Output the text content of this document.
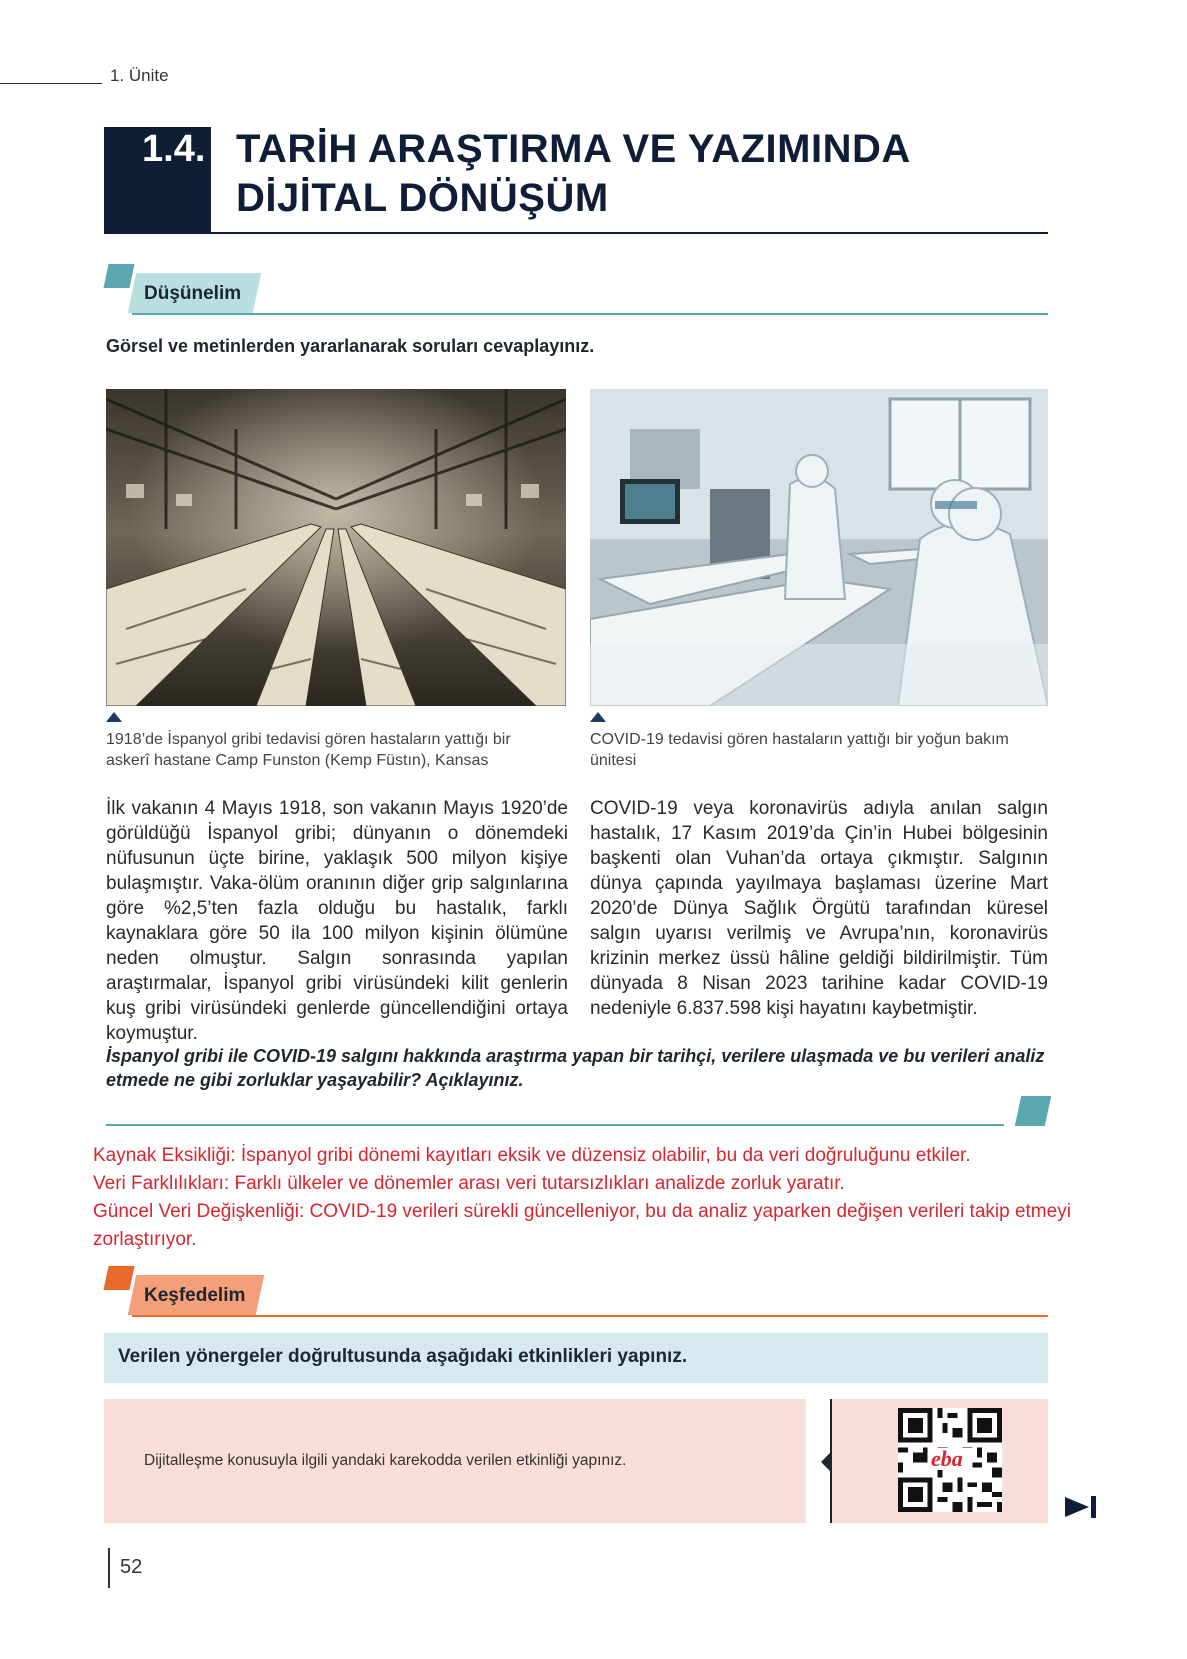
1. Ünite
1.4. TARİH ARAŞTIRMA VE YAZIMINDA
DİJİTAL DÖNÜŞÜM
Düşünelim
Görsel ve metinlerden yararlanarak soruları cevaplayınız.
1918’de İspanyol gribi tedavisi gören hastaların yattığı bir
askerî hastane Camp Funston (Kemp Füstın), Kansas
COVID-19 tedavisi gören hastaların yattığı bir yoğun bakım
ünitesi
İlk vakanın 4 Mayıs 1918, son vakanın Mayıs 1920’de görüldüğü İspanyol gribi; dünyanın o dönemdeki nüfusunun üçte birine, yaklaşık 500 milyon kişiye bulaşmıştır. Vaka-ölüm oranının diğer grip salgınlarına göre %2,5’ten fazla olduğu bu hastalık, farklı kaynaklara göre 50 ila 100 milyon kişinin ölümüne neden olmuştur. Salgın sonrasında yapılan araştırmalar, İspanyol gribi virüsündeki kilit genlerin kuş gribi virüsündeki genlerde güncellendiğini ortaya koymuştur.
COVID-19 veya koronavirüs adıyla anılan salgın hastalık, 17 Kasım 2019’da Çin’in Hubei bölgesinin başkenti olan Vuhan’da ortaya çıkmıştır. Salgının dünya çapında yayılmaya başlaması üzerine Mart 2020’de Dünya Sağlık Örgütü tarafından küresel salgın uyarısı verilmiş ve Avrupa’nın, koronavirüs krizinin merkez üssü hâline geldiği bildirilmiştir. Tüm dünyada 8 Nisan 2023 tarihine kadar COVID-19 nedeniyle 6.837.598 kişi hayatını kaybetmiştir.
İspanyol gribi ile COVID-19 salgını hakkında araştırma yapan bir tarihçi, verilere ulaşmada ve bu verileri analiz etmede ne gibi zorluklar yaşayabilir? Açıklayınız.
Kaynak Eksikliği: İspanyol gribi dönemi kayıtları eksik ve düzensiz olabilir, bu da veri doğruluğunu etkiler.
Veri Farklılıkları: Farklı ülkeler ve dönemler arası veri tutarsızlıkları analizde zorluk yaratır.
Güncel Veri Değişkenliği: COVID-19 verileri sürekli güncelleniyor, bu da analiz yaparken değişen verileri takip etmeyi
zorlaştırıyor.
Keşfedelim
Verilen yönergeler doğrultusunda aşağıdaki etkinlikleri yapınız.
Dijitalleşme konusuyla ilgili yandaki karekodda verilen etkinliği yapınız.	eba
52
